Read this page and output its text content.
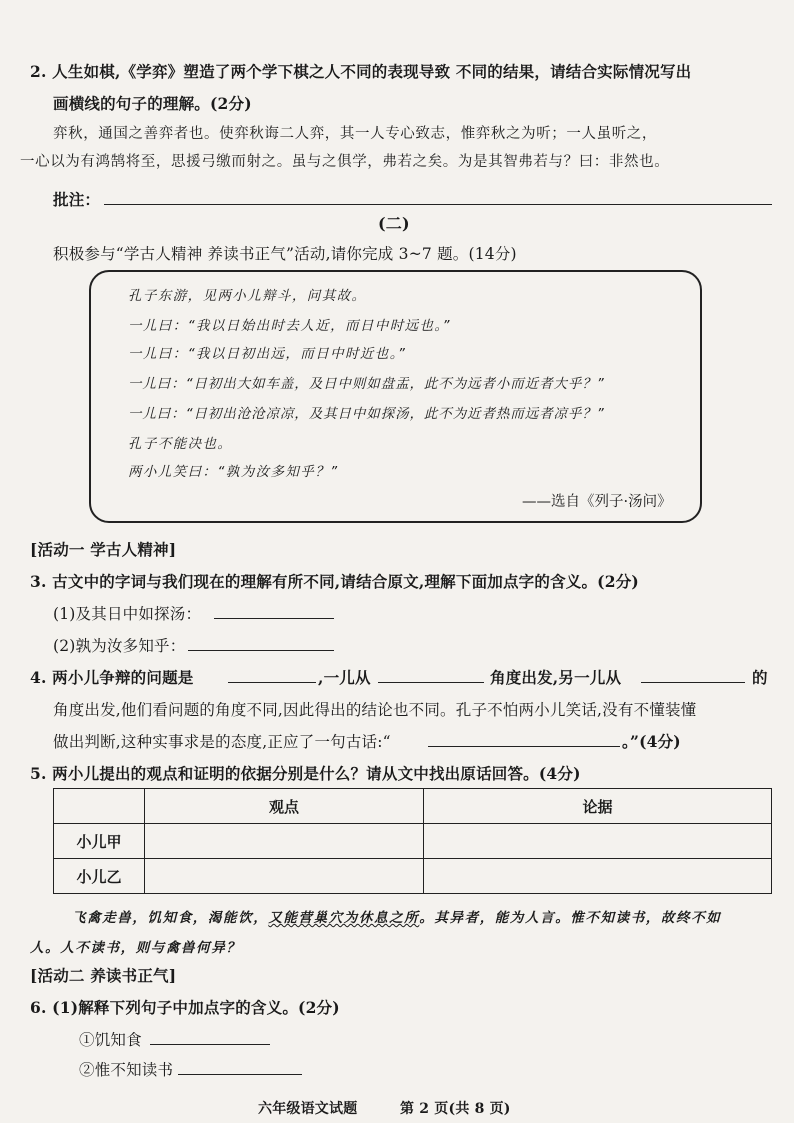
2. 人生如棋,《学弈》塑造了两个学下棋之人不同的表现导致 不同的结果，请结合实际情况写出
画横线的句子的理解。(2分)
弈秋，通国之善弈者也。使弈秋诲二人弈，其一人专心致志，惟弈秋之为听；一人虽听之，
一心以为有鸿鹄将至，思援弓缴而射之。虽与之俱学，弗若之矣。为是其智弗若与？曰：非然也。
批注：
(二)
积极参与“学古人精神 养读书正气”活动,请你完成 3~7 题。(14分)
孔子东游，见两小儿辩斗，问其故。
一儿曰：“我以日始出时去人近，而日中时远也。”
一儿曰：“我以日初出远，而日中时近也。”
一儿曰：“日初出大如车盖，及日中则如盘盂，此不为远者小而近者大乎？”
一儿曰：“日初出沧沧凉凉，及其日中如探汤，此不为近者热而远者凉乎？”
孔子不能决也。
两小儿笑曰：“孰为汝多知乎？”
——选自《列子·汤问》
[活动一 学古人精神]
3. 古文中的字词与我们现在的理解有所不同,请结合原文,理解下面加点字的含义。(2分)
(1)及其日中如探汤：
(2)孰为汝多知乎：
4. 两小儿争辩的问题是	,一儿从	角度出发,另一儿从	的
角度出发,他们看问题的角度不同,因此得出的结论也不同。孔子不怕两小儿笑话,没有不懂装懂
做出判断,这种实事求是的态度,正应了一句古话:“	。”(4分)
5. 两小儿提出的观点和证明的依据分别是什么？请从文中找出原话回答。(4分)
	观点	论据
小儿甲		
小儿乙		
飞禽走兽，饥知食，渴能饮，又能营巢穴为休息之所。其异者，能为人言。惟不知读书，故终不如
人。人不读书，则与禽兽何异？
[活动二 养读书正气]
6. (1)解释下列句子中加点字的含义。(2分)
①饥知食
②惟不知读书
六年级语文试题	第 2 页(共 8 页)
